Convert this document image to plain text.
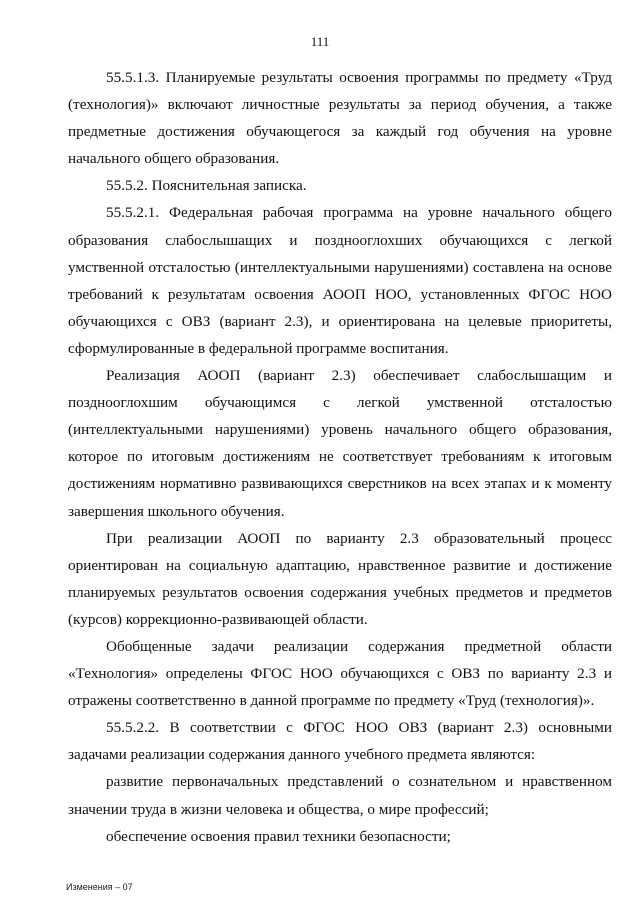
111

55.5.1.3. Планируемые результаты освоения программы по предмету «Труд (технология)» включают личностные результаты за период обучения, а также предметные достижения обучающегося за каждый год обучения на уровне начального общего образования.

55.5.2. Пояснительная записка.

55.5.2.1. Федеральная рабочая программа на уровне начального общего образования слабослышащих и позднооглохших обучающихся с легкой умственной отсталостью (интеллектуальными нарушениями) составлена на основе требований к результатам освоения АООП НОО, установленных ФГОС НОО обучающихся с ОВЗ (вариант 2.3), и ориентирована на целевые приоритеты, сформулированные в федеральной программе воспитания.

Реализация АООП (вариант 2.3) обеспечивает слабослышащим и позднооглохшим обучающимся с легкой умственной отсталостью (интеллектуальными нарушениями) уровень начального общего образования, которое по итоговым достижениям не соответствует требованиям к итоговым достижениям нормативно развивающихся сверстников на всех этапах и к моменту завершения школьного обучения.

При реализации АООП по варианту 2.3 образовательный процесс ориентирован на социальную адаптацию, нравственное развитие и достижение планируемых результатов освоения содержания учебных предметов и предметов (курсов) коррекционно-развивающей области.

Обобщенные задачи реализации содержания предметной области «Технология» определены ФГОС НОО обучающихся с ОВЗ по варианту 2.3 и отражены соответственно в данной программе по предмету «Труд (технология)».

55.5.2.2. В соответствии с ФГОС НОО ОВЗ (вариант 2.3) основными задачами реализации содержания данного учебного предмета являются:

развитие первоначальных представлений о сознательном и нравственном значении труда в жизни человека и общества, о мире профессий;

обеспечение освоения правил техники безопасности;

Изменения – 07
